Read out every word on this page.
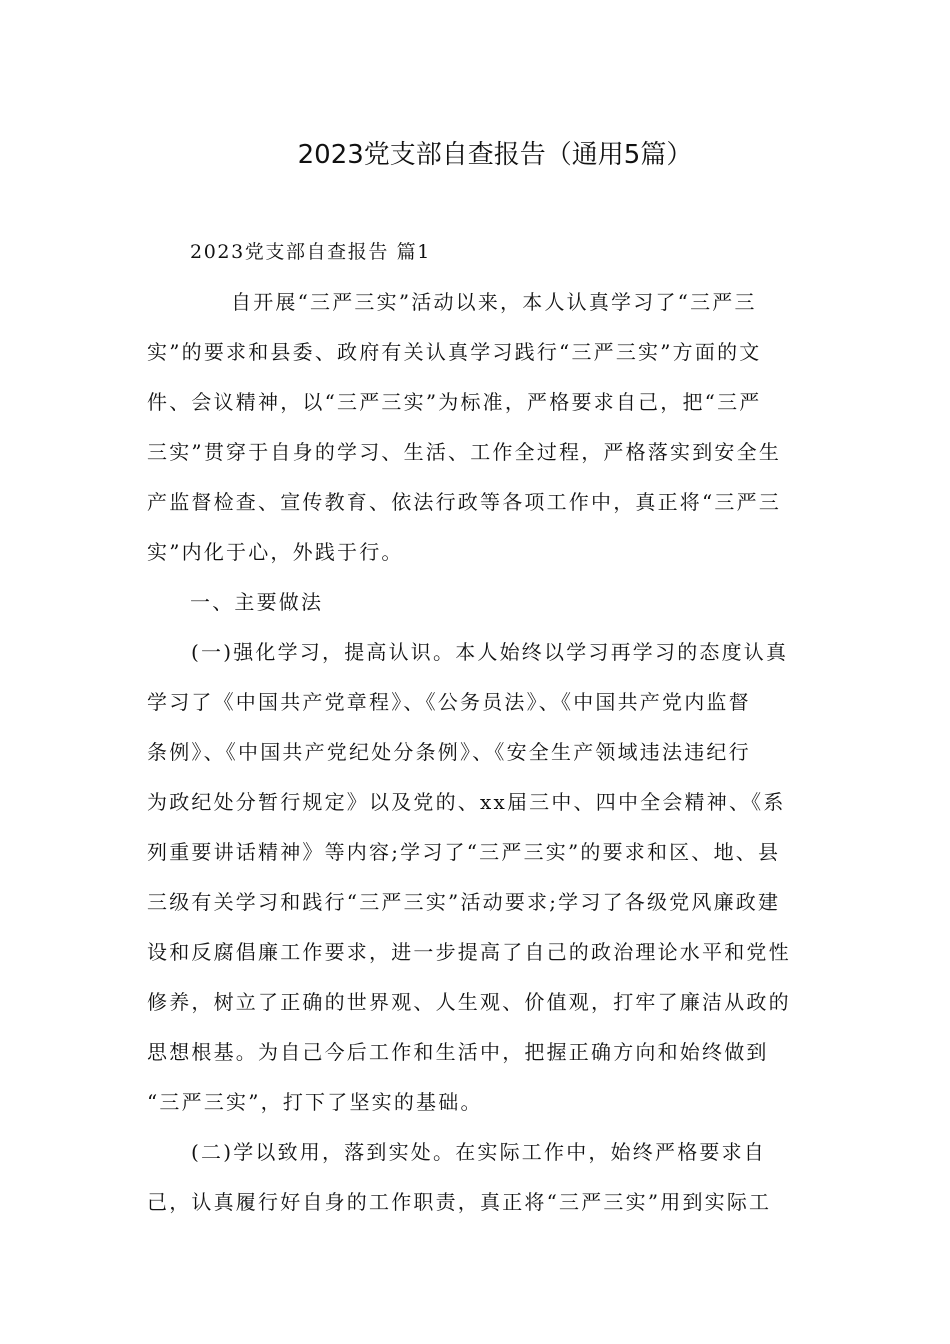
2023党支部自查报告（通用5篇）
2023党支部自查报告 篇1
自开展“三严三实”活动以来，本人认真学习了“三严三
实”的要求和县委、政府有关认真学习践行“三严三实”方面的文
件、会议精神，以“三严三实”为标准，严格要求自己，把“三严
三实”贯穿于自身的学习、生活、工作全过程，严格落实到安全生
产监督检查、宣传教育、依法行政等各项工作中，真正将“三严三
实”内化于心，外践于行。
一、主要做法
(一)强化学习，提高认识。本人始终以学习再学习的态度认真
学习了《中国共产党章程》、《公务员法》、《中国共产党内监督
条例》、《中国共产党纪处分条例》、《安全生产领域违法违纪行
为政纪处分暂行规定》以及党的、xx届三中、四中全会精神、《系
列重要讲话精神》等内容;学习了“三严三实”的要求和区、地、县
三级有关学习和践行“三严三实”活动要求;学习了各级党风廉政建
设和反腐倡廉工作要求，进一步提高了自己的政治理论水平和党性
修养，树立了正确的世界观、人生观、价值观，打牢了廉洁从政的
思想根基。为自己今后工作和生活中，把握正确方向和始终做到
“三严三实”，打下了坚实的基础。
(二)学以致用，落到实处。在实际工作中，始终严格要求自
己，认真履行好自身的工作职责，真正将“三严三实”用到实际工
